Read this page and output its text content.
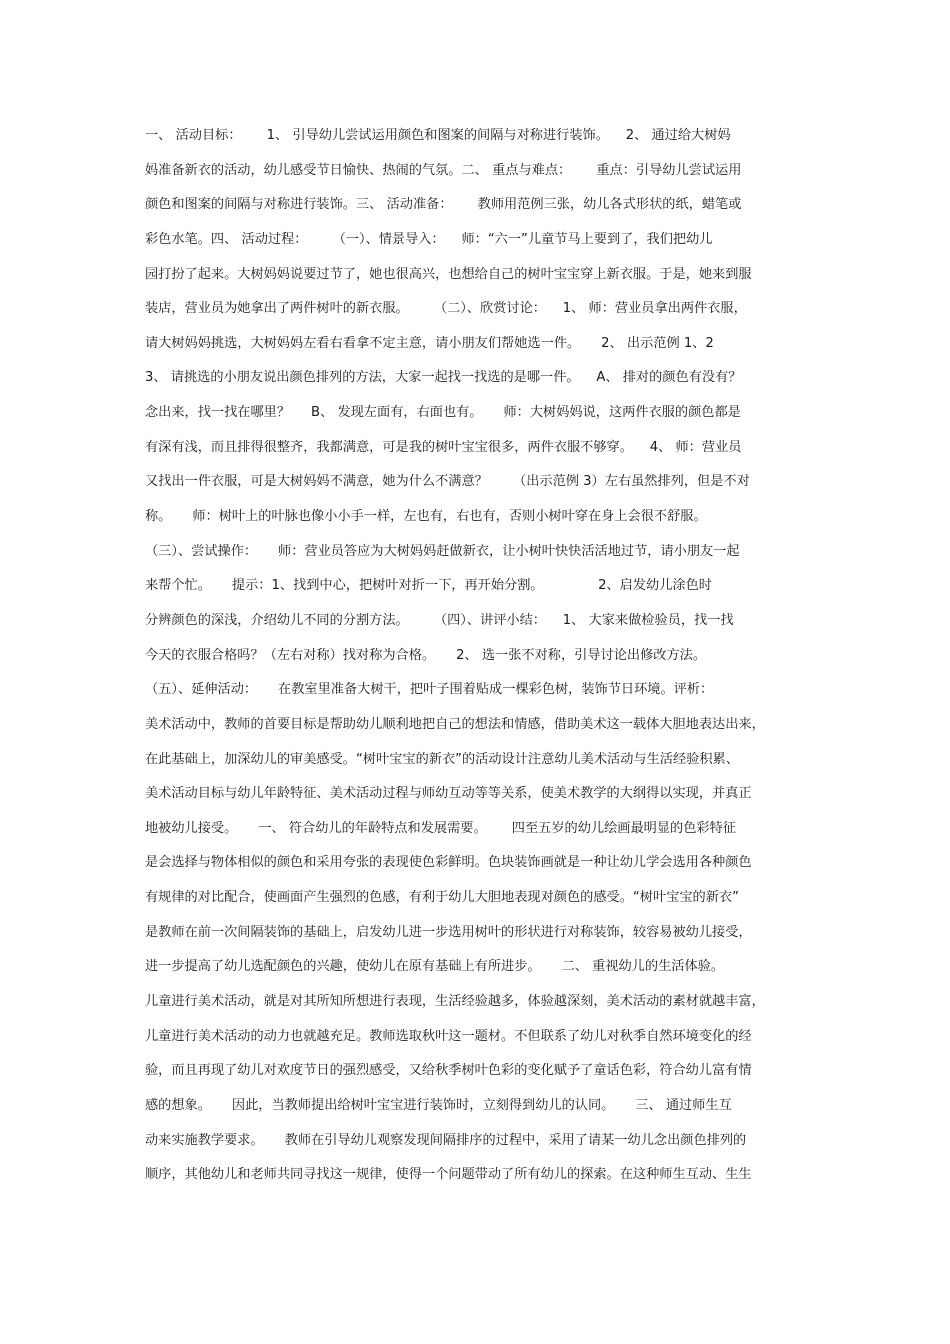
一、 活动目标：      1、 引导幼儿尝试运用颜色和图案的间隔与对称进行装饰。    2、 通过给大树妈
妈准备新衣的活动，幼儿感受节日愉快、热闹的气氛。二、 重点与难点：      重点：引导幼儿尝试运用
颜色和图案的间隔与对称进行装饰。三、 活动准备：      教师用范例三张，幼儿各式形状的纸，蜡笔或
彩色水笔。四、 活动过程：      （一）、情景导入：    师：“六一”儿童节马上要到了，我们把幼儿
园打扮了起来。大树妈妈说要过节了，她也很高兴，也想给自己的树叶宝宝穿上新衣服。于是，她来到服
装店，营业员为她拿出了两件树叶的新衣服。      （二）、欣赏讨论：    1、 师：营业员拿出两件衣服，
请大树妈妈挑选，大树妈妈左看右看拿不定主意，请小朋友们帮她选一件。     2、 出示范例 1、2
3、 请挑选的小朋友说出颜色排列的方法，大家一起找一找选的是哪一件。    A、 排对的颜色有没有？
念出来，找一找在哪里？     B、 发现左面有，右面也有。     师：大树妈妈说，这两件衣服的颜色都是
有深有浅，而且排得很整齐，我都满意，可是我的树叶宝宝很多，两件衣服不够穿。    4、 师：营业员
又找出一件衣服，可是大树妈妈不满意，她为什么不满意？      （出示范例 3）左右虽然排列，但是不对
称。     师：树叶上的叶脉也像小小手一样，左也有，右也有，否则小树叶穿在身上会很不舒服。
（三）、尝试操作：     师：营业员答应为大树妈妈赶做新衣，让小树叶快快活活地过节，请小朋友一起
来帮个忙。     提示：1、找到中心，把树叶对折一下，再开始分割。             2、启发幼儿涂色时
分辨颜色的深浅，介绍幼儿不同的分割方法。      （四）、讲评小结：    1、 大家来做检验员，找一找
今天的衣服合格吗？（左右对称）找对称为合格。     2、 选一张不对称，引导讨论出修改方法。
（五）、延伸活动：     在教室里准备大树干，把叶子围着贴成一棵彩色树，装饰节日环境。评析：
美术活动中，教师的首要目标是帮助幼儿顺利地把自己的想法和情感，借助美术这一载体大胆地表达出来，
在此基础上，加深幼儿的审美感受。“树叶宝宝的新衣”的活动设计注意幼儿美术活动与生活经验积累、
美术活动目标与幼儿年龄特征、美术活动过程与师幼互动等等关系，使美术教学的大纲得以实现，并真正
地被幼儿接受。     一、 符合幼儿的年龄特点和发展需要。      四至五岁的幼儿绘画最明显的色彩特征
是会选择与物体相似的颜色和采用夸张的表现使色彩鲜明。色块装饰画就是一种让幼儿学会选用各种颜色
有规律的对比配合，使画面产生强烈的色感，有利于幼儿大胆地表现对颜色的感受。“树叶宝宝的新衣”
是教师在前一次间隔装饰的基础上，启发幼儿进一步选用树叶的形状进行对称装饰，较容易被幼儿接受，
进一步提高了幼儿选配颜色的兴趣，使幼儿在原有基础上有所进步。     二、 重视幼儿的生活体验。
儿童进行美术活动，就是对其所知所想进行表现，生活经验越多，体验越深刻，美术活动的素材就越丰富，
儿童进行美术活动的动力也就越充足。教师选取秋叶这一题材。不但联系了幼儿对秋季自然环境变化的经
验，而且再现了幼儿对欢度节日的强烈感受，又给秋季树叶色彩的变化赋予了童话色彩，符合幼儿富有情
感的想象。     因此，当教师提出给树叶宝宝进行装饰时，立刻得到幼儿的认同。     三、 通过师生互
动来实施教学要求。     教师在引导幼儿观察发现间隔排序的过程中，采用了请某一幼儿念出颜色排列的
顺序，其他幼儿和老师共同寻找这一规律，使得一个问题带动了所有幼儿的探索。在这种师生互动、生生
